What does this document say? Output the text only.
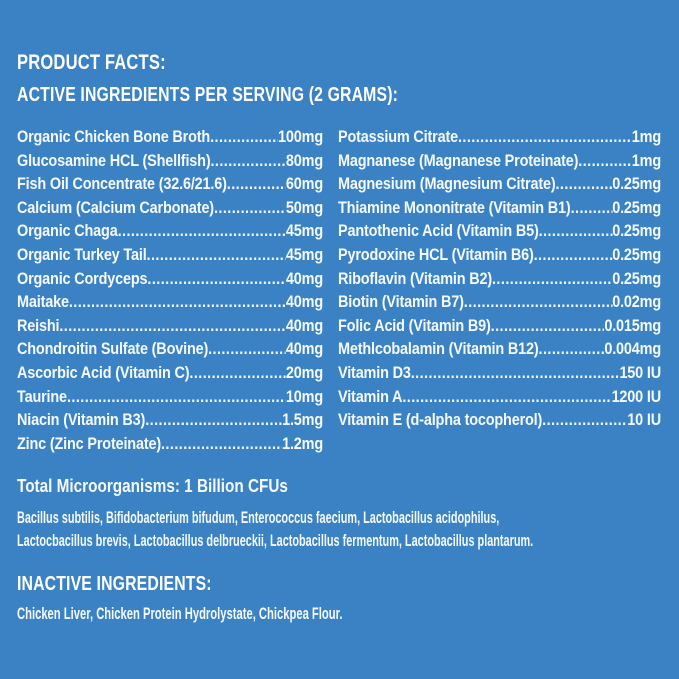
PRODUCT FACTS:
ACTIVE INGREDIENTS PER SERVING (2 GRAMS):
Organic Chicken Bone Broth .....	100mg
Glucosamine HCL (Shellfish) .....	80mg
Fish Oil Concentrate (32.6/21.6) .....	60mg
Calcium (Calcium Carbonate) .....	50mg
Organic Chaga .....	45mg
Organic Turkey Tail .....	45mg
Organic Cordyceps .....	40mg
Maitake .....	40mg
Reishi .....	40mg
Chondroitin Sulfate (Bovine) .....	40mg
Ascorbic Acid (Vitamin C) .....	20mg
Taurine .....	10mg
Niacin (Vitamin B3) .....	1.5mg
Zinc (Zinc Proteinate) .....	1.2mg
Potassium Citrate .....	1mg
Magnanese (Magnanese Proteinate) .....	1mg
Magnesium (Magnesium Citrate) .....	0.25mg
Thiamine Mononitrate (Vitamin B1) ..... 0.25mg
Pantothenic Acid (Vitamin B5) .....	0.25mg
Pyrodoxine HCL (Vitamin B6) .....	0.25mg
Riboflavin (Vitamin B2) .....	0.25mg
Biotin (Vitamin B7) .....	0.02mg
Folic Acid (Vitamin B9) .....	0.015mg
Methlcobalamin (Vitamin B12) .....	0.004mg
Vitamin D3 .....	150 IU
Vitamin A .....	1200 IU
Vitamin E (d-alpha tocopherol) .....	10 IU
Total Microorganisms: 1 Billion CFUs
Bacillus subtilis, Bifidobacterium bifudum, Enterococcus faecium, Lactobacillus acidophilus,
Lactocbacillus brevis, Lactobacillus delbrueckii, Lactobacillus fermentum, Lactobacillus plantarum.
INACTIVE INGREDIENTS:
Chicken Liver, Chicken Protein Hydrolystate, Chickpea Flour.
